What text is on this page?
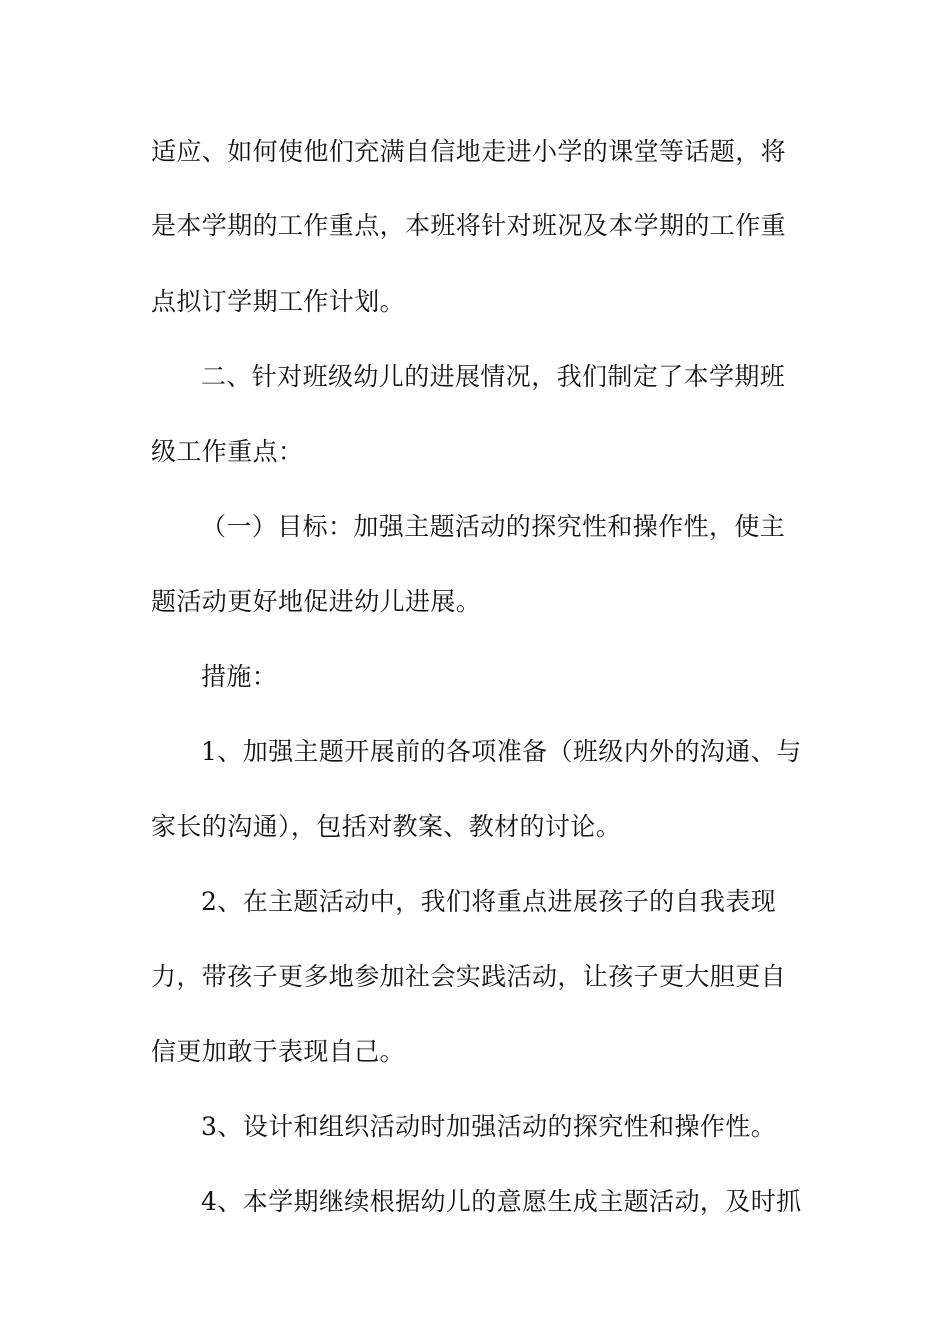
适应、如何使他们充满自信地走进小学的课堂等话题，将
是本学期的工作重点，本班将针对班况及本学期的工作重
点拟订学期工作计划。
二、针对班级幼儿的进展情况，我们制定了本学期班
级工作重点：
（一）目标：加强主题活动的探究性和操作性，使主
题活动更好地促进幼儿进展。
措施：
1、加强主题开展前的各项准备（班级内外的沟通、与
家长的沟通），包括对教案、教材的讨论。
2、在主题活动中，我们将重点进展孩子的自我表现
力，带孩子更多地参加社会实践活动，让孩子更大胆更自
信更加敢于表现自己。
3、设计和组织活动时加强活动的探究性和操作性。
4、本学期继续根据幼儿的意愿生成主题活动，及时抓
